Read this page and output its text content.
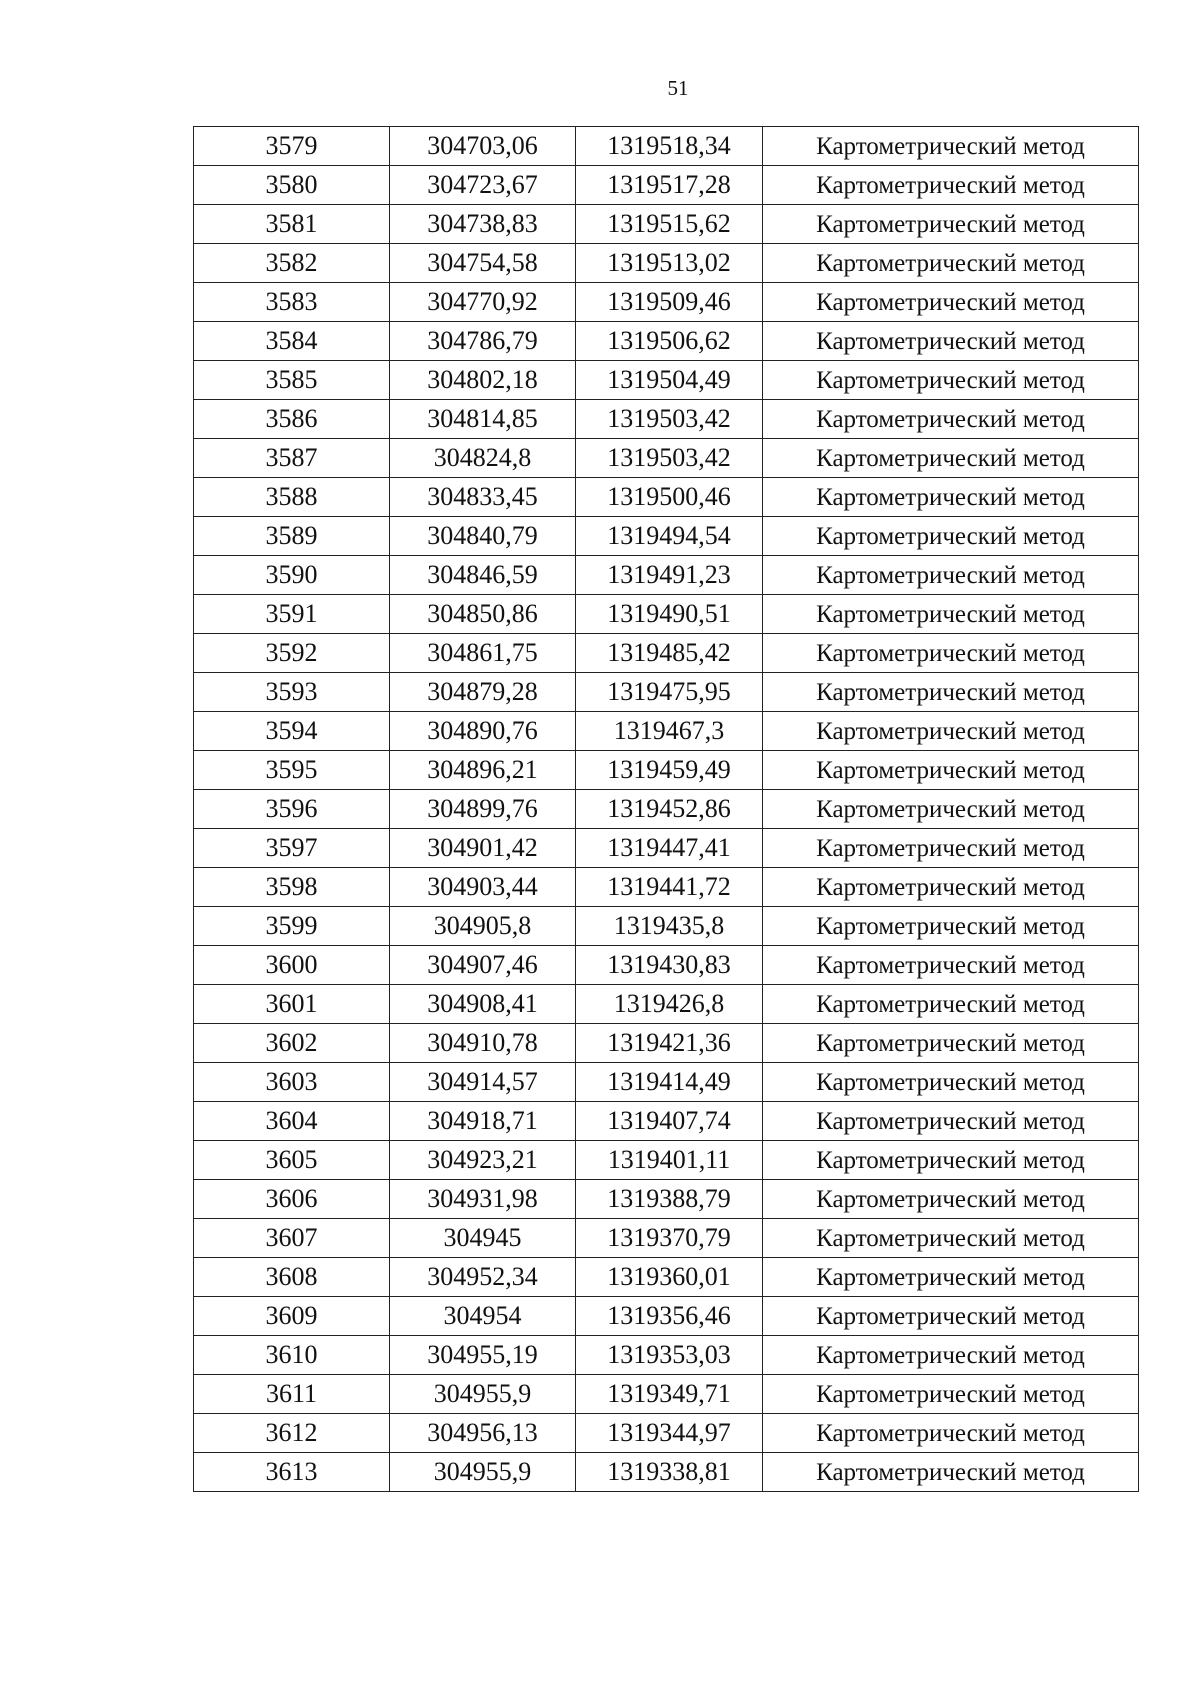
51
3579	304703,06	1319518,34	Картометрический метод
3580	304723,67	1319517,28	Картометрический метод
3581	304738,83	1319515,62	Картометрический метод
3582	304754,58	1319513,02	Картометрический метод
3583	304770,92	1319509,46	Картометрический метод
3584	304786,79	1319506,62	Картометрический метод
3585	304802,18	1319504,49	Картометрический метод
3586	304814,85	1319503,42	Картометрический метод
3587	304824,8	1319503,42	Картометрический метод
3588	304833,45	1319500,46	Картометрический метод
3589	304840,79	1319494,54	Картометрический метод
3590	304846,59	1319491,23	Картометрический метод
3591	304850,86	1319490,51	Картометрический метод
3592	304861,75	1319485,42	Картометрический метод
3593	304879,28	1319475,95	Картометрический метод
3594	304890,76	1319467,3	Картометрический метод
3595	304896,21	1319459,49	Картометрический метод
3596	304899,76	1319452,86	Картометрический метод
3597	304901,42	1319447,41	Картометрический метод
3598	304903,44	1319441,72	Картометрический метод
3599	304905,8	1319435,8	Картометрический метод
3600	304907,46	1319430,83	Картометрический метод
3601	304908,41	1319426,8	Картометрический метод
3602	304910,78	1319421,36	Картометрический метод
3603	304914,57	1319414,49	Картометрический метод
3604	304918,71	1319407,74	Картометрический метод
3605	304923,21	1319401,11	Картометрический метод
3606	304931,98	1319388,79	Картометрический метод
3607	304945	1319370,79	Картометрический метод
3608	304952,34	1319360,01	Картометрический метод
3609	304954	1319356,46	Картометрический метод
3610	304955,19	1319353,03	Картометрический метод
3611	304955,9	1319349,71	Картометрический метод
3612	304956,13	1319344,97	Картометрический метод
3613	304955,9	1319338,81	Картометрический метод
